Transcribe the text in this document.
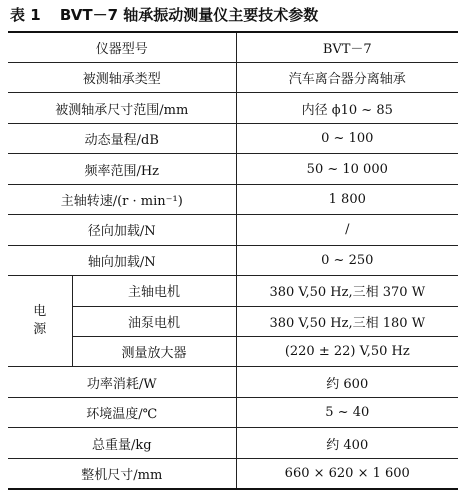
表 1 BVT－7 轴承振动测量仪主要技术参数
仪器型号		BVT－7
被测轴承类型		汽车离合器分离轴承
被测轴承尺寸范围/mm		内径 ϕ10 ~ 85
动态量程/dB		0 ~ 100
频率范围/Hz		50 ~ 10 000
主轴转速/(r · min⁻¹)		1 800
径向加载/N		/
轴向加载/N		0 ~ 250

电
源	主轴电机	380 V,50 Hz,三相 370 W
	油泵电机	380 V,50 Hz,三相 180 W
	测量放大器	(220 ± 22) V,50 Hz
功率消耗/W		约 600
环境温度/℃		5 ~ 40
总重量/kg		约 400
整机尺寸/mm		660 × 620 × 1 600
